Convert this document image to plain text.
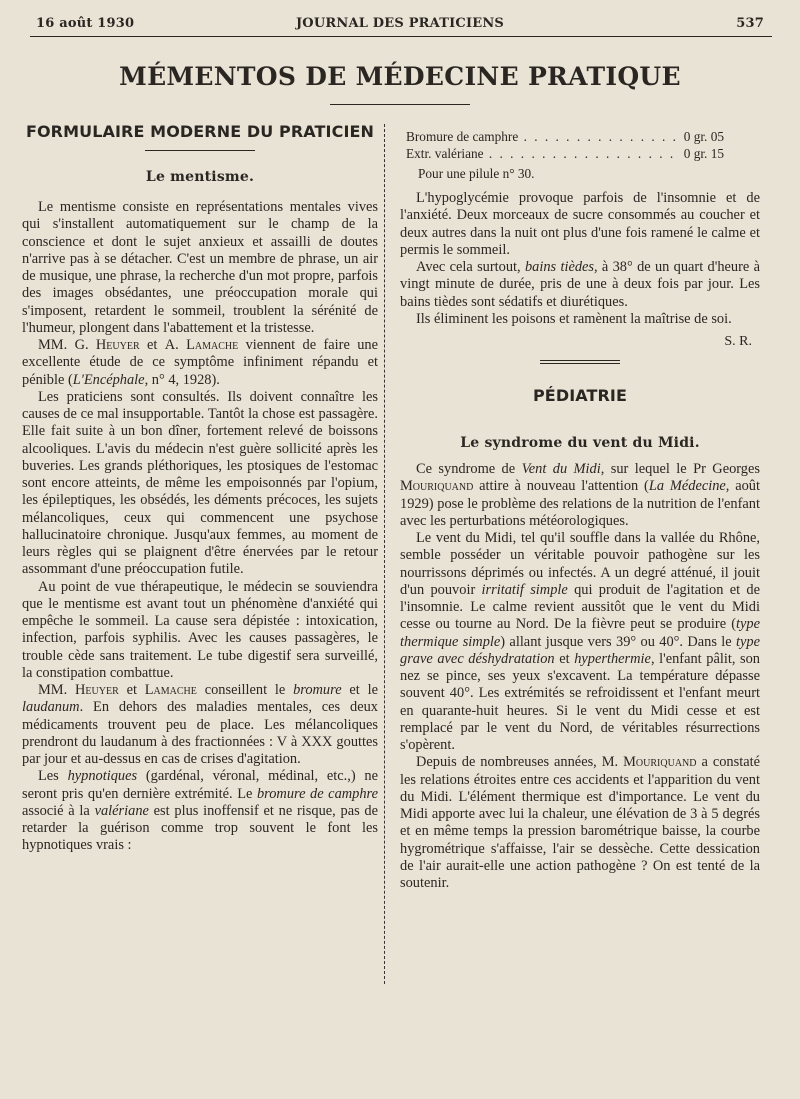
16 août 1930	JOURNAL DES PRATICIENS	537
MÉMENTOS DE MÉDECINE PRATIQUE
FORMULAIRE MODERNE DU PRATICIEN
Le mentisme.

Le mentisme consiste en représentations mentales vives qui s'installent automatiquement sur le champ de la conscience et dont le sujet anxieux et assailli de doutes n'arrive pas à se détacher. C'est un membre de phrase, un air de musique, une phrase, la recherche d'un mot propre, parfois des images obsédantes, une préoccupation morale qui s'imposent, retardent le sommeil, troublent la sérénité de l'humeur, plongent dans l'abattement et la tristesse.

MM. G. Heuyer et A. Lamache viennent de faire une excellente étude de ce symptôme infiniment répandu et pénible (L'Encéphale, n° 4, 1928).

Les praticiens sont consultés. Ils doivent connaître les causes de ce mal insupportable. Tantôt la chose est passagère. Elle fait suite à un bon dîner, fortement relevé de boissons alcooliques. L'avis du médecin n'est guère sollicité après les buveries. Les grands pléthoriques, les ptosiques de l'estomac sont encore atteints, de même les empoisonnés par l'opium, les épileptiques, les obsédés, les déments précoces, les sujets mélancoliques, ceux qui commencent une psychose hallucinatoire chronique. Jusqu'aux femmes, au moment de leurs règles qui se plaignent d'être énervées par le retour assommant d'une préoccupation futile.

Au point de vue thérapeutique, le médecin se souviendra que le mentisme est avant tout un phénomène d'anxiété qui empêche le sommeil. La cause sera dépistée : intoxication, infection, parfois syphilis. Avec les causes passagères, le trouble cède sans traitement. Le tube digestif sera surveillé, la constipation combattue.

MM. Heuyer et Lamache conseillent le bromure et le laudanum. En dehors des maladies mentales, ces deux médicaments trouvent peu de place. Les mélancoliques prendront du laudanum à des fractionnées : V à XXX gouttes par jour et au-dessus en cas de crises d'agitation.

Les hypnotiques (gardénal, véronal, médinal, etc.,) ne seront pris qu'en dernière extrémité. Le bromure de camphre associé à la valériane est plus inoffensif et ne risque, pas de retarder la guérison comme trop souvent le font les hypnotiques vrais :

Bromure de camphre . . .	0 gr. 05
Extr. valériane . . .	0 gr. 15
Pour une pilule n° 30.

L'hypoglycémie provoque parfois de l'insomnie et de l'anxiété. Deux morceaux de sucre consommés au coucher et deux autres dans la nuit ont plus d'une fois ramené le calme et permis le sommeil.

Avec cela surtout, bains tièdes, à 38° de un quart d'heure à vingt minute de durée, pris de une à deux fois par jour. Les bains tièdes sont sédatifs et diurétiques.

Ils éliminent les poisons et ramènent la maîtrise de soi.

S. R.
PÉDIATRIE
Le syndrome du vent du Midi.

Ce syndrome de Vent du Midi, sur lequel le Pr Georges Mouriquand attire à nouveau l'attention (La Médecine, août 1929) pose le problème des relations de la nutrition de l'enfant avec les perturbations météorologiques.

Le vent du Midi, tel qu'il souffle dans la vallée du Rhône, semble posséder un véritable pouvoir pathogène sur les nourrissons déprimés ou infectés. A un degré atténué, il jouit d'un pouvoir irritatif simple qui produit de l'agitation et de l'insomnie. Le calme revient aussitôt que le vent du Midi cesse ou tourne au Nord. De la fièvre peut se produire (type thermique simple) allant jusque vers 39° ou 40°. Dans le type grave avec déshydratation et hyperthermie, l'enfant pâlit, son nez se pince, ses yeux s'excavent. La température dépasse souvent 40°. Les extrémités se refroidissent et l'enfant meurt en quarante-huit heures. Si le vent du Midi cesse et est remplacé par le vent du Nord, de véritables résurrections s'opèrent.

Depuis de nombreuses années, M. Mouriquand a constaté les relations étroites entre ces accidents et l'apparition du vent du Midi. L'élément thermique est d'importance. Le vent du Midi apporte avec lui la chaleur, une élévation de 3 à 5 degrés et en même temps la pression barométrique baisse, la courbe hygrométrique s'affaisse, l'air se dessèche. Cette dessication de l'air aurait-elle une action pathogène ? On est tenté de la soutenir.
